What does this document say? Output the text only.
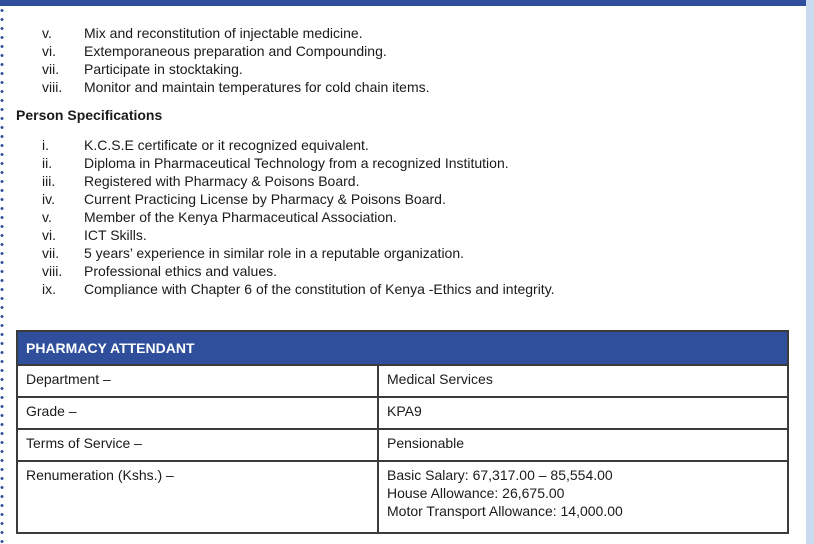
v.	Mix and reconstitution of injectable medicine.
vi.	Extemporaneous preparation and Compounding.
vii.	Participate in stocktaking.
viii.	Monitor and maintain temperatures for cold chain items.
Person Specifications
i.	K.C.S.E certificate or it recognized equivalent.
ii.	Diploma in Pharmaceutical Technology from a recognized Institution.
iii.	Registered with Pharmacy & Poisons Board.
iv.	Current Practicing License by Pharmacy & Poisons Board.
v.	Member of the Kenya Pharmaceutical Association.
vi.	ICT Skills.
vii.	5 years’ experience in similar role in a reputable organization.
viii.	Professional ethics and values.
ix.	Compliance with Chapter 6 of the constitution of Kenya -Ethics and integrity.
PHARMACY ATTENDANT	
Department –	Medical Services
Grade –	KPA9
Terms of Service –	Pensionable
Renumeration (Kshs.) –	Basic Salary: 67,317.00 – 85,554.00
House Allowance: 26,675.00
Motor Transport Allowance: 14,000.00
